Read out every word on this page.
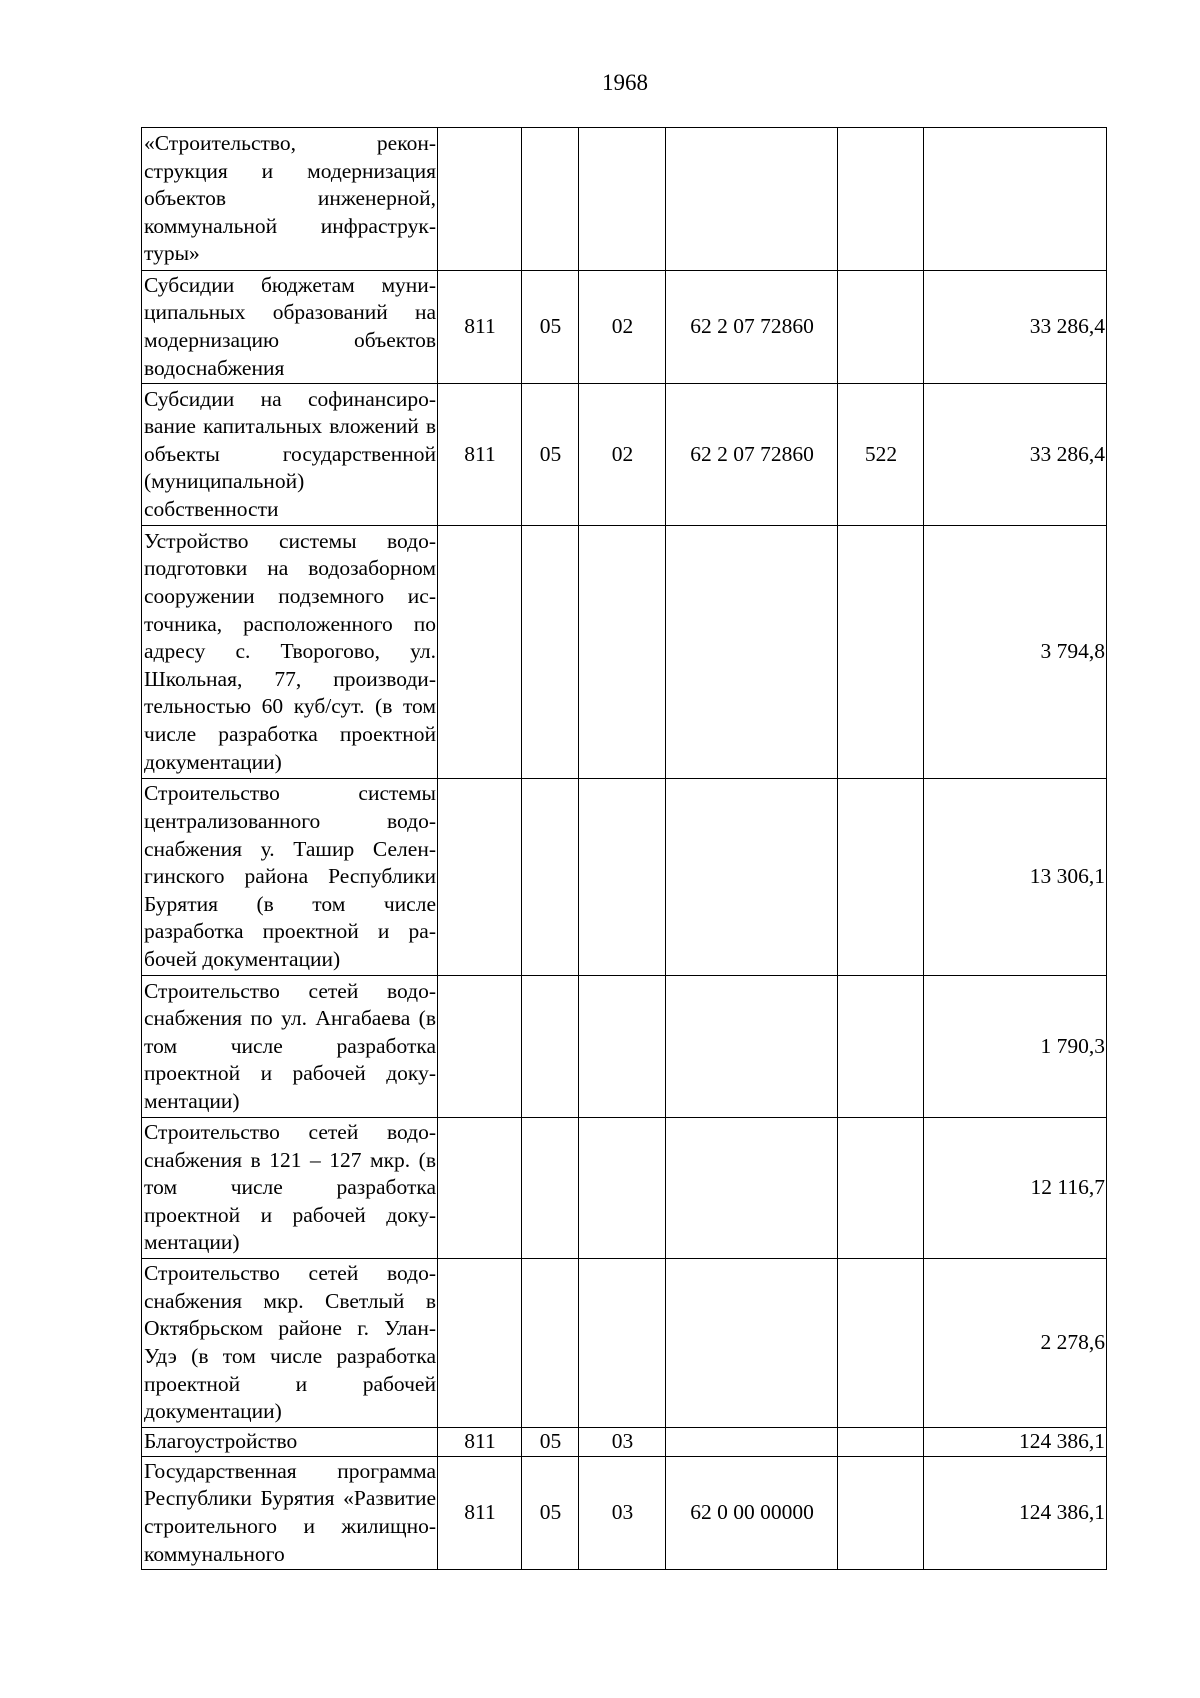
1968
«Строительство, реконструкция и модернизация объектов инженерной, коммунальной инфраструктуры»						
Субсидии бюджетам муниципальных образований на модернизацию объектов водоснабжения	811	05	02	62 2 07 72860		33 286,4
Субсидии на софинансирование капитальных вложений в объекты государственной (муниципальной) собственности	811	05	02	62 2 07 72860	522	33 286,4
Устройство системы водоподготовки на водозаборном сооружении подземного источника, расположенного по адресу с. Творогово, ул. Школьная, 77, производительностью 60 куб/сут. (в том числе разработка проектной документации)						3 794,8
Строительство системы централизованного водоснабжения у. Ташир Селенгинского района Республики Бурятия (в том числе разработка проектной и рабочей документации)						13 306,1
Строительство сетей водоснабжения по ул. Ангабаева (в том числе разработка проектной и рабочей документации)						1 790,3
Строительство сетей водоснабжения в 121 – 127 мкр. (в том числе разработка проектной и рабочей документации)						12 116,7
Строительство сетей водоснабжения мкр. Светлый в Октябрьском районе г. Улан-Удэ (в том числе разработка проектной и рабочей документации)						2 278,6
Благоустройство	811	05	03			124 386,1
Государственная программа Республики Бурятия «Развитие строительного и жилищно-коммунального	811	05	03	62 0 00 00000		124 386,1
